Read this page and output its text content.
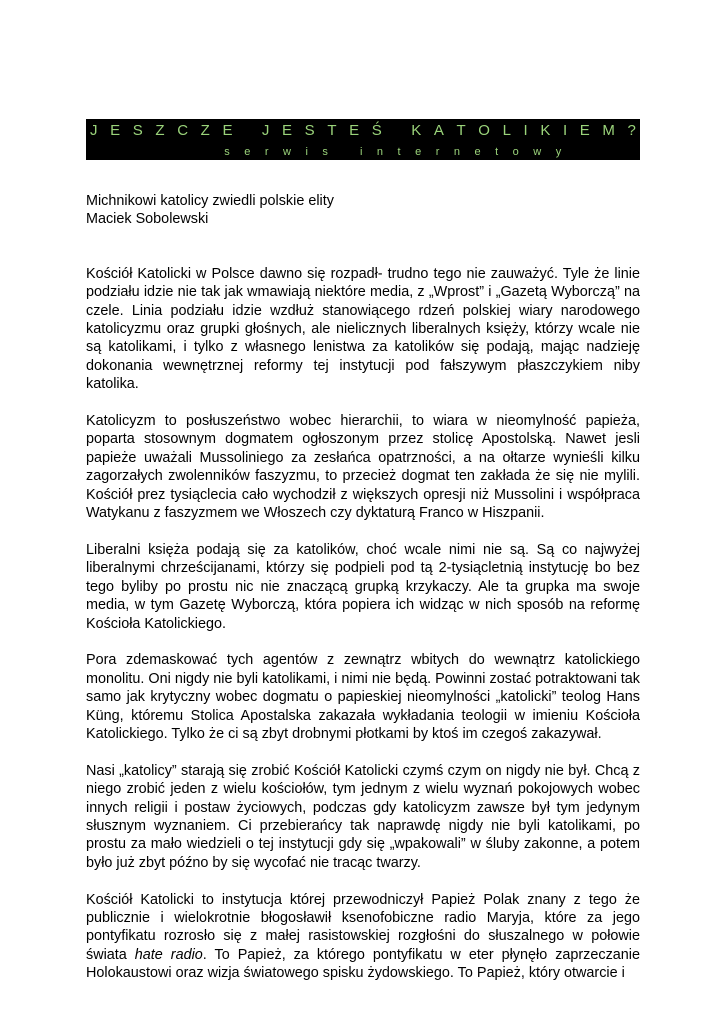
J E S Z C Z E
J E S T E Ś
K A T O L I K I E M ?
serwis internetowy

Michnikowi katolicy zwiedli polskie elity

Maciek Sobolewski

Kościół Katolicki w Polsce dawno się rozpadł- trudno tego nie zauważyć. Tyle że linie podziału idzie nie tak jak wmawiają niektóre media, z „Wprost” i „Gazetą Wyborczą” na czele. Linia podziału idzie wzdłuż stanowiącego rdzeń polskiej wiary narodowego katolicyzmu oraz grupki głośnych, ale nielicznych liberalnych księży, którzy wcale nie są katolikami, i tylko z własnego lenistwa za katolików się podają, mając nadzieję dokonania wewnętrznej reformy tej instytucji pod fałszywym płaszczykiem niby katolika.

Katolicyzm to posłuszeństwo wobec hierarchii, to wiara w nieomylność papieża, poparta stosownym dogmatem ogłoszonym przez stolicę Apostolską. Nawet jesli papieże uważali Mussoliniego za zesłańca opatrzności, a na ołtarze wynieśli kilku zagorzałych zwolenników faszyzmu, to przecież dogmat ten zakłada że się nie mylili. Kościół prez tysiąclecia cało wychodził z większych opresji niż Mussolini i współpraca Watykanu z faszyzmem we Włoszech czy dyktaturą Franco w Hiszpanii.

Liberalni księża podają się za katolików, choć wcale nimi nie są. Są co najwyżej liberalnymi chrześcijanami, którzy się podpieli pod tą 2-tysiącletnią instytucję bo bez tego byliby po prostu nic nie znaczącą grupką krzykaczy. Ale ta grupka ma swoje media, w tym Gazetę Wyborczą, która popiera ich widząc w nich sposób na reformę Kościoła Katolickiego.

Pora zdemaskować tych agentów z zewnątrz wbitych do wewnątrz katolickiego monolitu. Oni nigdy nie byli katolikami, i nimi nie będą. Powinni zostać potraktowani tak samo jak krytyczny wobec dogmatu o papieskiej nieomylności „katolicki” teolog Hans Küng, któremu Stolica Apostalska zakazała wykładania teologii w imieniu Kościoła Katolickiego. Tylko że ci są zbyt drobnymi płotkami by ktoś im czegoś zakazywał.

Nasi „katolicy” starają się zrobić Kościół Katolicki czymś czym on nigdy nie był. Chcą z niego zrobić jeden z wielu kościołów, tym jednym z wielu wyznań pokojowych wobec innych religii i postaw życiowych, podczas gdy katolicyzm zawsze był tym jedynym słusznym wyznaniem. Ci przebierańcy tak naprawdę nigdy nie byli katolikami, po prostu za mało wiedzieli o tej instytucji gdy się „wpakowali” w śluby zakonne, a potem było już zbyt późno by się wycofać nie tracąc twarzy.

Kościół Katolicki to instytucja której przewodniczył Papież Polak znany z tego że publicznie i wielokrotnie błogosławił ksenofobiczne radio Maryja, które za jego pontyfikatu rozrosło się z małej rasistowskiej rozgłośni do słuszalnego w połowie świata hate radio. To Papież, za którego pontyfikatu w eter płynęło zaprzeczanie Holokaustowi oraz wizja światowego spisku żydowskiego. To Papież, który otwarcie i
